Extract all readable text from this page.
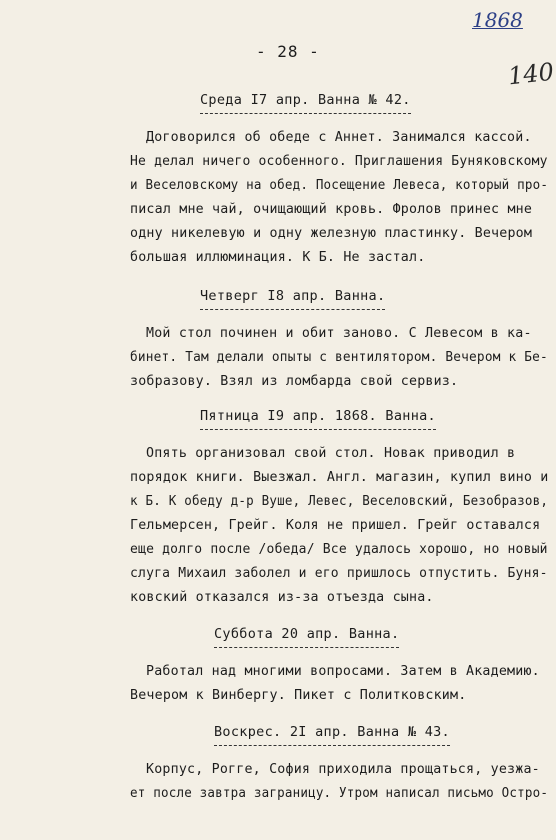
1868
140
- 28 -
Среда I7 апр. Ванна № 42.
Договорился об обеде с Аннет. Занимался кассой.
Не делал ничего особенного. Приглашения Буняковскому
и Веселовскому на обед. Посещение Левеса, который про-
писал мне чай, очищающий кровь. Фролов принес мне
одну никелевую и одну железную пластинку. Вечером
большая иллюминация. К Б. Не застал.
Четверг I8 апр. Ванна.
Мой стол починен и обит заново. С Левесом в ка-
бинет. Там делали опыты с вентилятором. Вечером к Бе-
зобразову. Взял из ломбарда свой сервиз.
Пятница I9 апр. 1868. Ванна.
Опять организовал свой стол. Новак приводил в
порядок книги. Выезжал. Англ. магазин, купил вино и
к Б. К обеду д-р Вуше, Левес, Веселовский, Безобразов,
Гельмерсен, Грейг. Коля не пришел. Грейг оставался
еще долго после /обеда/ Все удалось хорошо, но новый
слуга Михаил заболел и его пришлось отпустить. Буня-
ковский отказался из-за отъезда сына.
Суббота 20 апр. Ванна.
Работал над многими вопросами. Затем в Академию.
Вечером к Винбергу. Пикет с Политковским.
Воскрес. 2I апр. Ванна № 43.
Корпус, Рогге, София приходила прощаться, уезжа-
ет после завтра заграницу. Утром написал письмо Остро-
